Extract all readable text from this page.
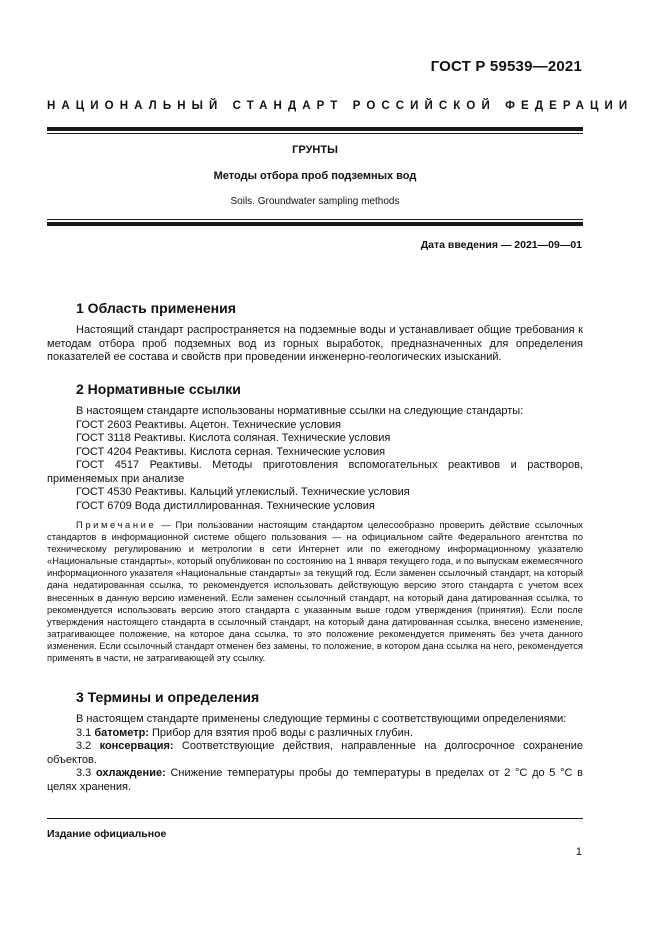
ГОСТ Р 59539—2021
НАЦИОНАЛЬНЫЙ СТАНДАРТ РОССИЙСКОЙ ФЕДЕРАЦИИ
ГРУНТЫ
Методы отбора проб подземных вод
Soils. Groundwater sampling methods
Дата введения — 2021—09—01
1 Область применения

Настоящий стандарт распространяется на подземные воды и устанавливает общие требования к методам отбора проб подземных вод из горных выработок, предназначенных для определения показателей ее состава и свойств при проведении инженерно-геологических изысканий.

2 Нормативные ссылки

В настоящем стандарте использованы нормативные ссылки на следующие стандарты:

ГОСТ 2603 Реактивы. Ацетон. Технические условия

ГОСТ 3118 Реактивы. Кислота соляная. Технические условия

ГОСТ 4204 Реактивы. Кислота серная. Технические условия

ГОСТ 4517 Реактивы. Методы приготовления вспомогательных реактивов и растворов, применяемых при анализе

ГОСТ 4530 Реактивы. Кальций углекислый. Технические условия

ГОСТ 6709 Вода дистиллированная. Технические условия

Примечание — При пользовании настоящим стандартом целесообразно проверить действие ссылочных стандартов в информационной системе общего пользования — на официальном сайте Федерального агентства по техническому регулированию и метрологии в сети Интернет или по ежегодному информационному указателю «Национальные стандарты», который опубликован по состоянию на 1 января текущего года, и по выпускам ежемесячного информационного указателя «Национальные стандарты» за текущий год. Если заменен ссылочный стандарт, на который дана недатированная ссылка, то рекомендуется использовать действующую версию этого стандарта с учетом всех внесенных в данную версию изменений. Если заменен ссылочный стандарт, на который дана датированная ссылка, то рекомендуется использовать версию этого стандарта с указанным выше годом утверждения (принятия). Если после утверждения настоящего стандарта в ссылочный стандарт, на который дана датированная ссылка, внесено изменение, затрагивающее положение, на которое дана ссылка, то это положение рекомендуется применять без учета данного изменения. Если ссылочный стандарт отменен без замены, то положение, в котором дана ссылка на него, рекомендуется применять в части, не затрагивающей эту ссылку.
3 Термины и определения

В настоящем стандарте применены следующие термины с соответствующими определениями:

3.1 батометр: Прибор для взятия проб воды с различных глубин.

3.2 консервация: Соответствующие действия, направленные на долгосрочное сохранение объектов.

3.3 охлаждение: Снижение температуры пробы до температуры в пределах от 2 °C до 5 °C в целях хранения.

Издание официальное
1
